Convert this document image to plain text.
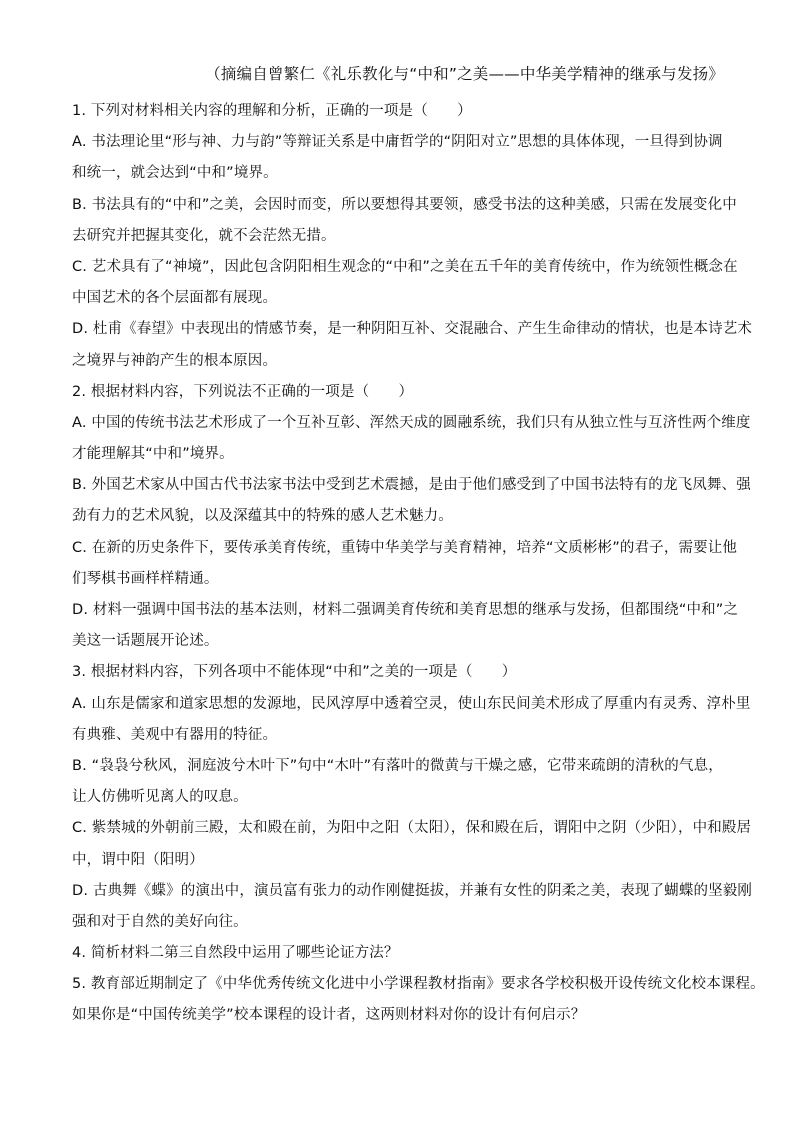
（摘编自曾繁仁《礼乐教化与“中和”之美——中华美学精神的继承与发扬》
1. 下列对材料相关内容的理解和分析，正确的一项是（　　）
A. 书法理论里“形与神、力与韵”等辩证关系是中庸哲学的“阴阳对立”思想的具体体现，一旦得到协调
和统一，就会达到“中和”境界。
B. 书法具有的“中和”之美，会因时而变，所以要想得其要领，感受书法的这种美感，只需在发展变化中
去研究并把握其变化，就不会茫然无措。
C. 艺术具有了“神境”，因此包含阴阳相生观念的“中和”之美在五千年的美育传统中，作为统领性概念在
中国艺术的各个层面都有展现。
D. 杜甫《春望》中表现出的情感节奏，是一种阴阳互补、交混融合、产生生命律动的情状，也是本诗艺术
之境界与神韵产生的根本原因。
2. 根据材料内容，下列说法不正确的一项是（　　）
A. 中国的传统书法艺术形成了一个互补互彰、浑然天成的圆融系统，我们只有从独立性与互济性两个维度
才能理解其“中和”境界。
B. 外国艺术家从中国古代书法家书法中受到艺术震撼，是由于他们感受到了中国书法特有的龙飞凤舞、强
劲有力的艺术风貌，以及深蕴其中的特殊的感人艺术魅力。
C. 在新的历史条件下，要传承美育传统，重铸中华美学与美育精神，培养“文质彬彬”的君子，需要让他
们琴棋书画样样精通。
D. 材料一强调中国书法的基本法则，材料二强调美育传统和美育思想的继承与发扬，但都围绕“中和”之
美这一话题展开论述。
3. 根据材料内容，下列各项中不能体现“中和”之美的一项是（　　）
A. 山东是儒家和道家思想的发源地，民风淳厚中透着空灵，使山东民间美术形成了厚重内有灵秀、淳朴里
有典雅、美观中有器用的特征。
B. “袅袅兮秋风，洞庭波兮木叶下”句中“木叶”有落叶的微黄与干燥之感，它带来疏朗的清秋的气息，
让人仿佛听见离人的叹息。
C. 紫禁城的外朝前三殿，太和殿在前，为阳中之阳（太阳），保和殿在后，谓阳中之阴（少阳），中和殿居
中，谓中阳（阳明）
D. 古典舞《蝶》的演出中，演员富有张力的动作刚健挺拔，并兼有女性的阴柔之美，表现了蝴蝶的坚毅刚
强和对于自然的美好向往。
4. 简析材料二第三自然段中运用了哪些论证方法？
5. 教育部近期制定了《中华优秀传统文化进中小学课程教材指南》要求各学校积极开设传统文化校本课程。
如果你是“中国传统美学”校本课程的设计者，这两则材料对你的设计有何启示？
